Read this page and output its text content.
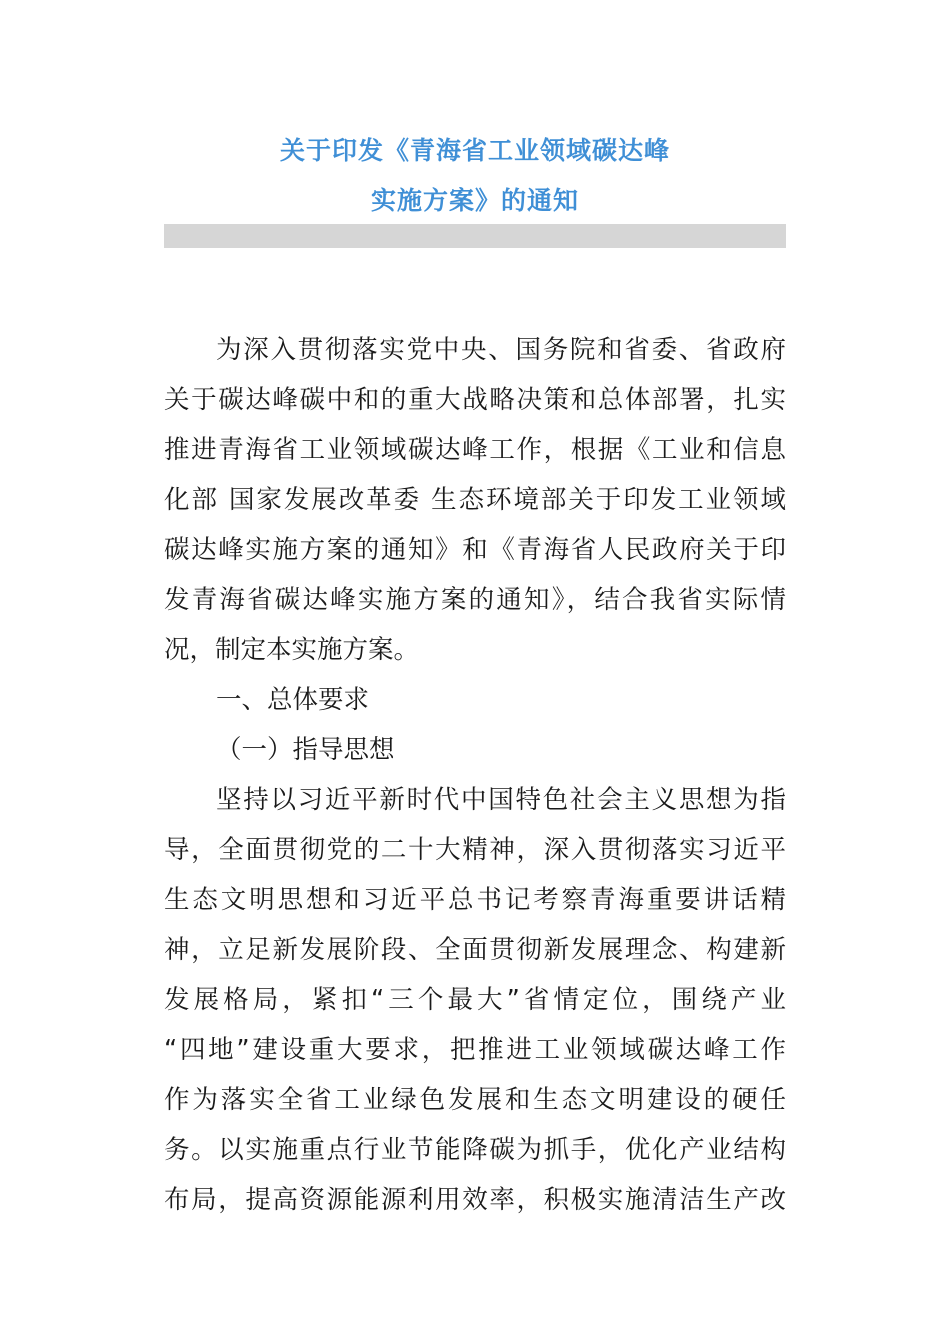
关于印发《青海省工业领域碳达峰
实施方案》的通知
为深入贯彻落实党中央、国务院和省委、省政府
关于碳达峰碳中和的重大战略决策和总体部署，扎实
推进青海省工业领域碳达峰工作，根据《工业和信息
化部 国家发展改革委 生态环境部关于印发工业领域
碳达峰实施方案的通知》和《青海省人民政府关于印
发青海省碳达峰实施方案的通知》，结合我省实际情
况，制定本实施方案。
一、总体要求
（一）指导思想
坚持以习近平新时代中国特色社会主义思想为指
导，全面贯彻党的二十大精神，深入贯彻落实习近平
生态文明思想和习近平总书记考察青海重要讲话精
神，立足新发展阶段、全面贯彻新发展理念、构建新
发展格局，紧扣“三个最大”省情定位，围绕产业
“四地”建设重大要求，把推进工业领域碳达峰工作
作为落实全省工业绿色发展和生态文明建设的硬任
务。以实施重点行业节能降碳为抓手，优化产业结构
布局，提高资源能源利用效率，积极实施清洁生产改
